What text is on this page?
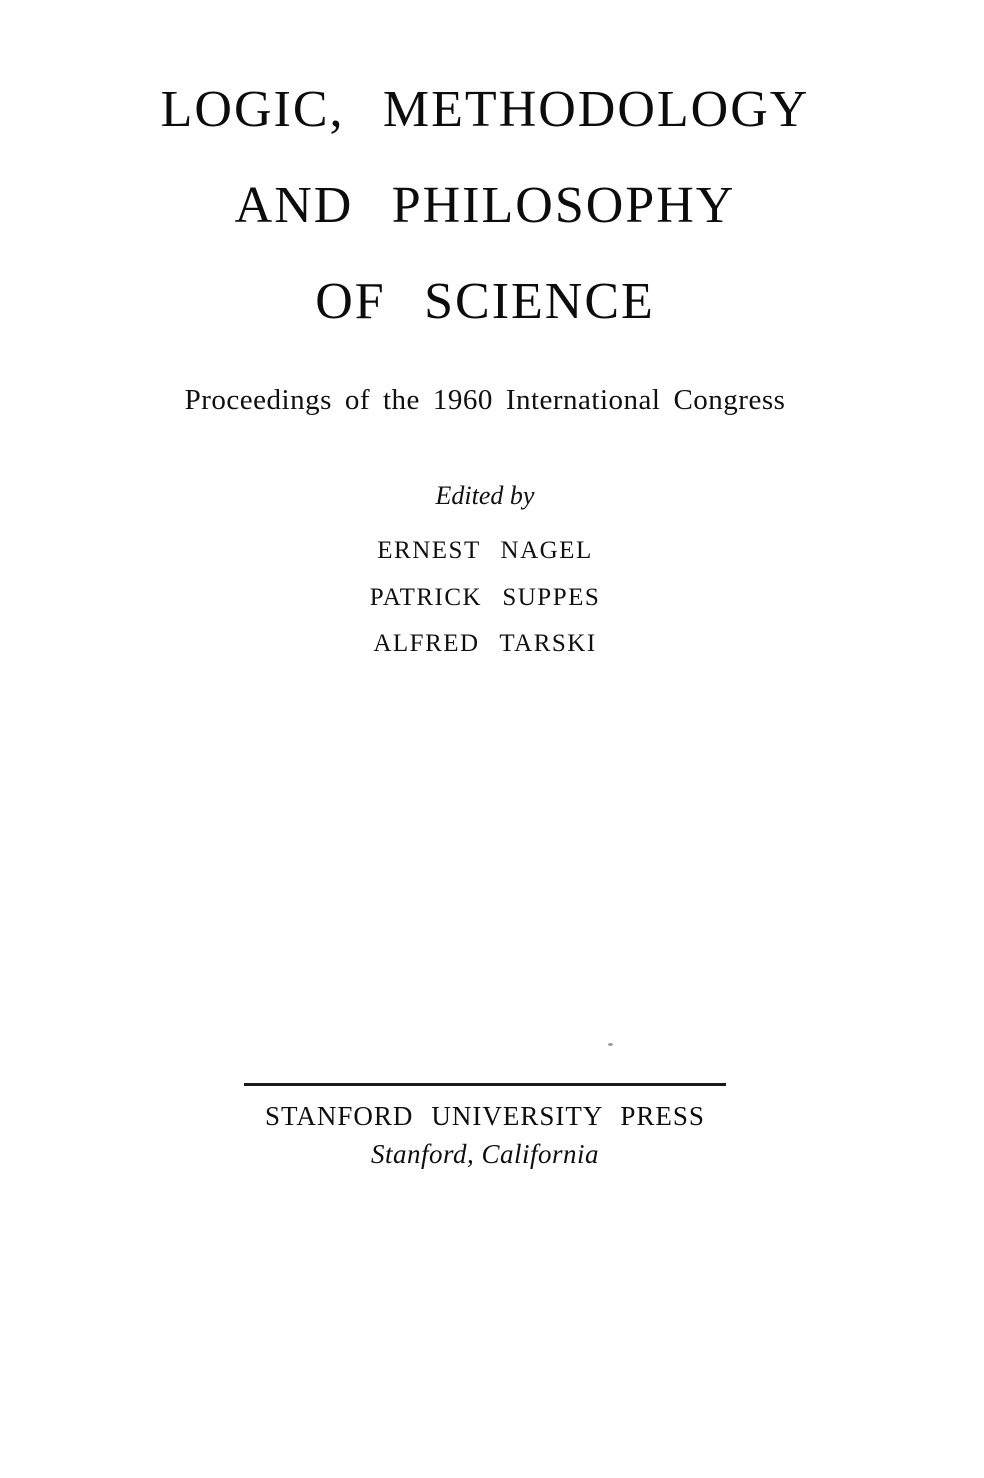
LOGIC, METHODOLOGY
AND PHILOSOPHY
OF SCIENCE
Proceedings of the 1960 International Congress
Edited by
ERNEST NAGEL
PATRICK SUPPES
ALFRED TARSKI
STANFORD UNIVERSITY PRESS
Stanford, California
